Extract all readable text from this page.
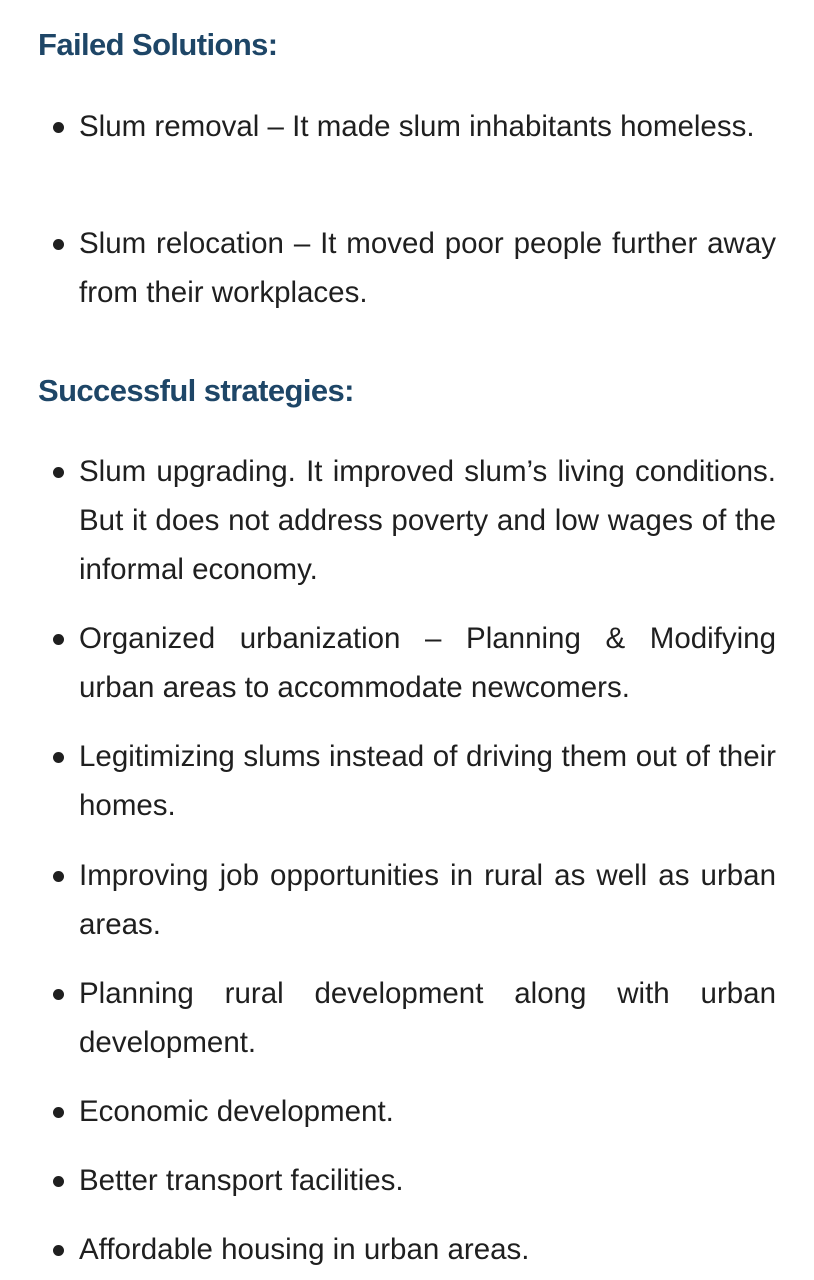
Failed Solutions:

Slum removal – It made slum inhabitants homeless.

Slum relocation – It moved poor people further away from their workplaces.

Successful strategies:

Slum upgrading. It improved slum’s living conditions. But it does not address poverty and low wages of the informal economy.

Organized urbanization – Planning & Modifying urban areas to accommodate newcomers.

Legitimizing slums instead of driving them out of their homes.

Improving job opportunities in rural as well as urban areas.

Planning rural development along with urban development.

Economic development.

Better transport facilities.

Affordable housing in urban areas.
